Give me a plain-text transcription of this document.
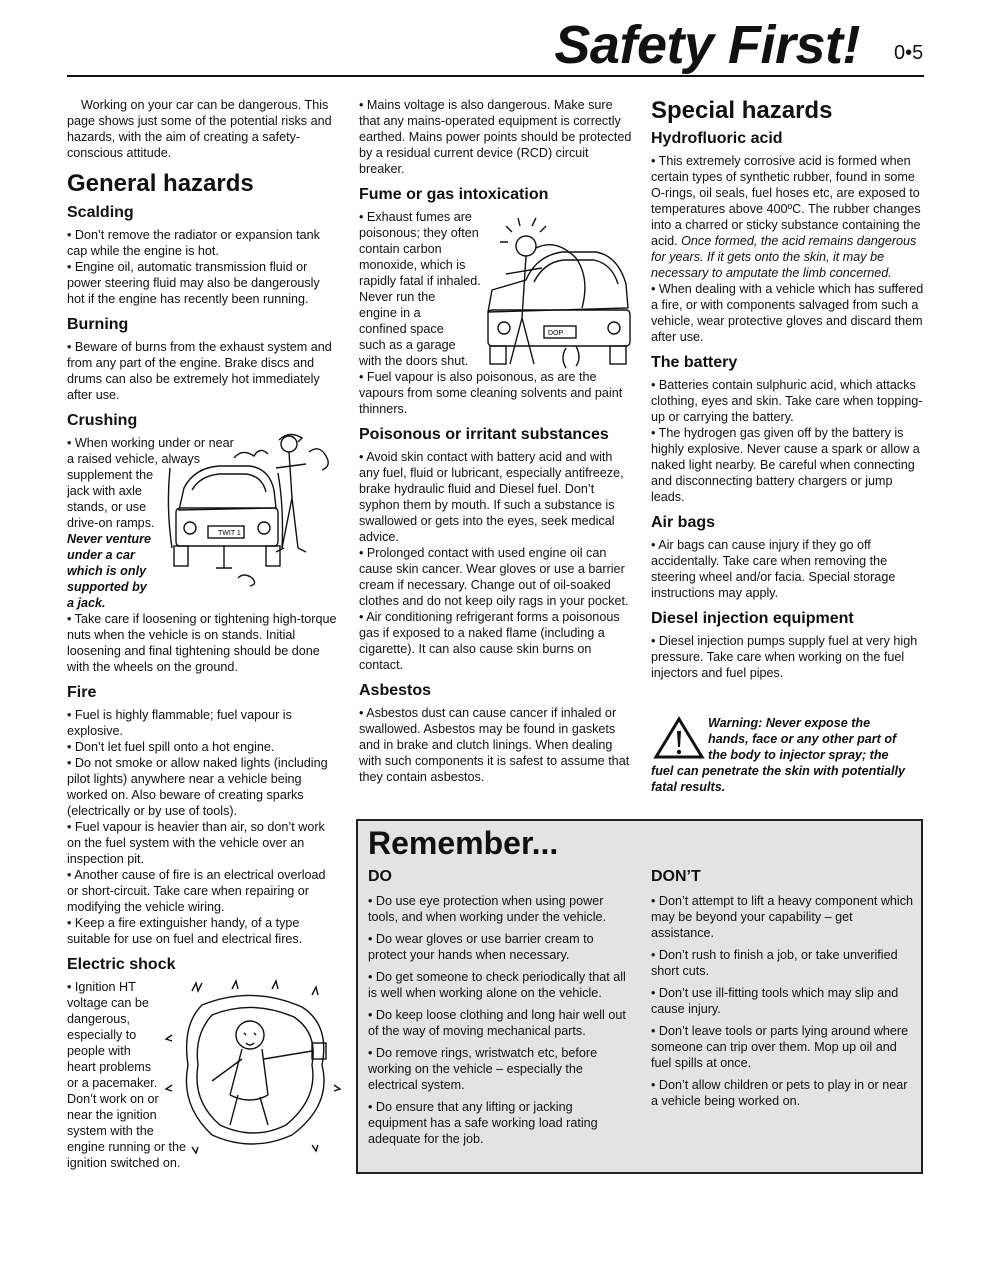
Safety First! 0•5

Working on your car can be dangerous. This page shows just some of the potential risks and hazards, with the aim of creating a safety-conscious attitude.

General hazards
Scalding

• Don’t remove the radiator or expansion tank cap while the engine is hot.

• Engine oil, automatic transmission fluid or power steering fluid may also be dangerously hot if the engine has recently been running.

Burning

• Beware of burns from the exhaust system and from any part of the engine. Brake discs and drums can also be extremely hot immediately after use.

Crushing
• When working under or near
a raised vehicle, always
supplement the
jack with axle
stands, or use
drive-on ramps.
Never venture
under a car
which is only
supported by
a jack.

• Take care if loosening or tightening high-torque nuts when the vehicle is on stands. Initial loosening and final tightening should be done with the wheels on the ground.

Fire

• Fuel is highly flammable; fuel vapour is explosive.

• Don’t let fuel spill onto a hot engine.

• Do not smoke or allow naked lights (including pilot lights) anywhere near a vehicle being worked on. Also beware of creating sparks

(electrically or by use of tools).

• Fuel vapour is heavier than air, so don’t work on the fuel system with the vehicle over an inspection pit.

• Another cause of fire is an electrical overload or short-circuit. Take care when repairing or modifying the vehicle wiring.

• Keep a fire extinguisher handy, of a type suitable for use on fuel and electrical fires.

Electric shock
• Ignition HT
voltage can be
dangerous,
especially to
people with
heart problems
or a pacemaker.
Don’t work on or
near the ignition
system with the
engine running or the
ignition switched on.
TWIT 1

• Mains voltage is also dangerous. Make sure that any mains-operated equipment is correctly earthed. Mains power points should be protected by a residual current device (RCD) circuit breaker.

Fume or gas intoxication
• Exhaust fumes are
poisonous; they often
contain carbon
monoxide, which is
rapidly fatal if inhaled.
Never run the
engine in a
confined space
such as a garage
with the doors shut.

• Fuel vapour is also poisonous, as are the vapours from some cleaning solvents and paint thinners.

Poisonous or irritant substances

• Avoid skin contact with battery acid and with any fuel, fluid or lubricant, especially antifreeze, brake hydraulic fluid and Diesel fuel. Don’t syphon them by mouth. If such a substance is swallowed or gets into the eyes, seek medical advice.

• Prolonged contact with used engine oil can cause skin cancer. Wear gloves or use a barrier cream if necessary. Change out of oil-soaked clothes and do not keep oily rags in your pocket.

• Air conditioning refrigerant forms a poisonous gas if exposed to a naked flame (including a cigarette). It can also cause skin burns on contact.

Asbestos

• Asbestos dust can cause cancer if inhaled or swallowed. Asbestos may be found in gaskets and in brake and clutch linings. When dealing with such components it is safest to assume that they contain asbestos.

DOP
Special hazards
Hydrofluoric acid

• This extremely corrosive acid is formed when certain types of synthetic rubber, found in some O-rings, oil seals, fuel hoses etc, are exposed to temperatures above 400ºC. The rubber changes into a charred or sticky substance containing the acid. Once formed, the acid remains dangerous for years. If it gets onto the skin, it may be necessary to amputate the limb concerned.

• When dealing with a vehicle which has suffered a fire, or with components salvaged from such a vehicle, wear protective gloves and discard them after use.

The battery

• Batteries contain sulphuric acid, which attacks clothing, eyes and skin. Take care when topping-up or carrying the battery.

• The hydrogen gas given off by the battery is highly explosive. Never cause a spark or allow a naked light nearby. Be careful when connecting and disconnecting battery chargers or jump leads.

Air bags

• Air bags can cause injury if they go off accidentally. Take care when removing the steering wheel and/or facia. Special storage instructions may apply.

Diesel injection equipment

• Diesel injection pumps supply fuel at very high pressure. Take care when working on the fuel injectors and fuel pipes.

Warning: Never expose the
hands, face or any other part of
the body to injector spray; the
fuel can penetrate the skin with potentially fatal results.
Remember...
DO

• Do use eye protection when using power tools, and when working under the vehicle.

• Do wear gloves or use barrier cream to protect your hands when necessary.

• Do get someone to check periodically that all is well when working alone on the vehicle.

• Do keep loose clothing and long hair well out of the way of moving mechanical parts.

• Do remove rings, wristwatch etc, before working on the vehicle – especially the electrical system.

• Do ensure that any lifting or jacking equipment has a safe working load rating adequate for the job.

DON’T

• Don’t attempt to lift a heavy component which may be beyond your capability – get assistance.

• Don’t rush to finish a job, or take unverified short cuts.

• Don’t use ill-fitting tools which may slip and cause injury.

• Don’t leave tools or parts lying around where someone can trip over them. Mop up oil and fuel spills at once.

• Don’t allow children or pets to play in or near a vehicle being worked on.
